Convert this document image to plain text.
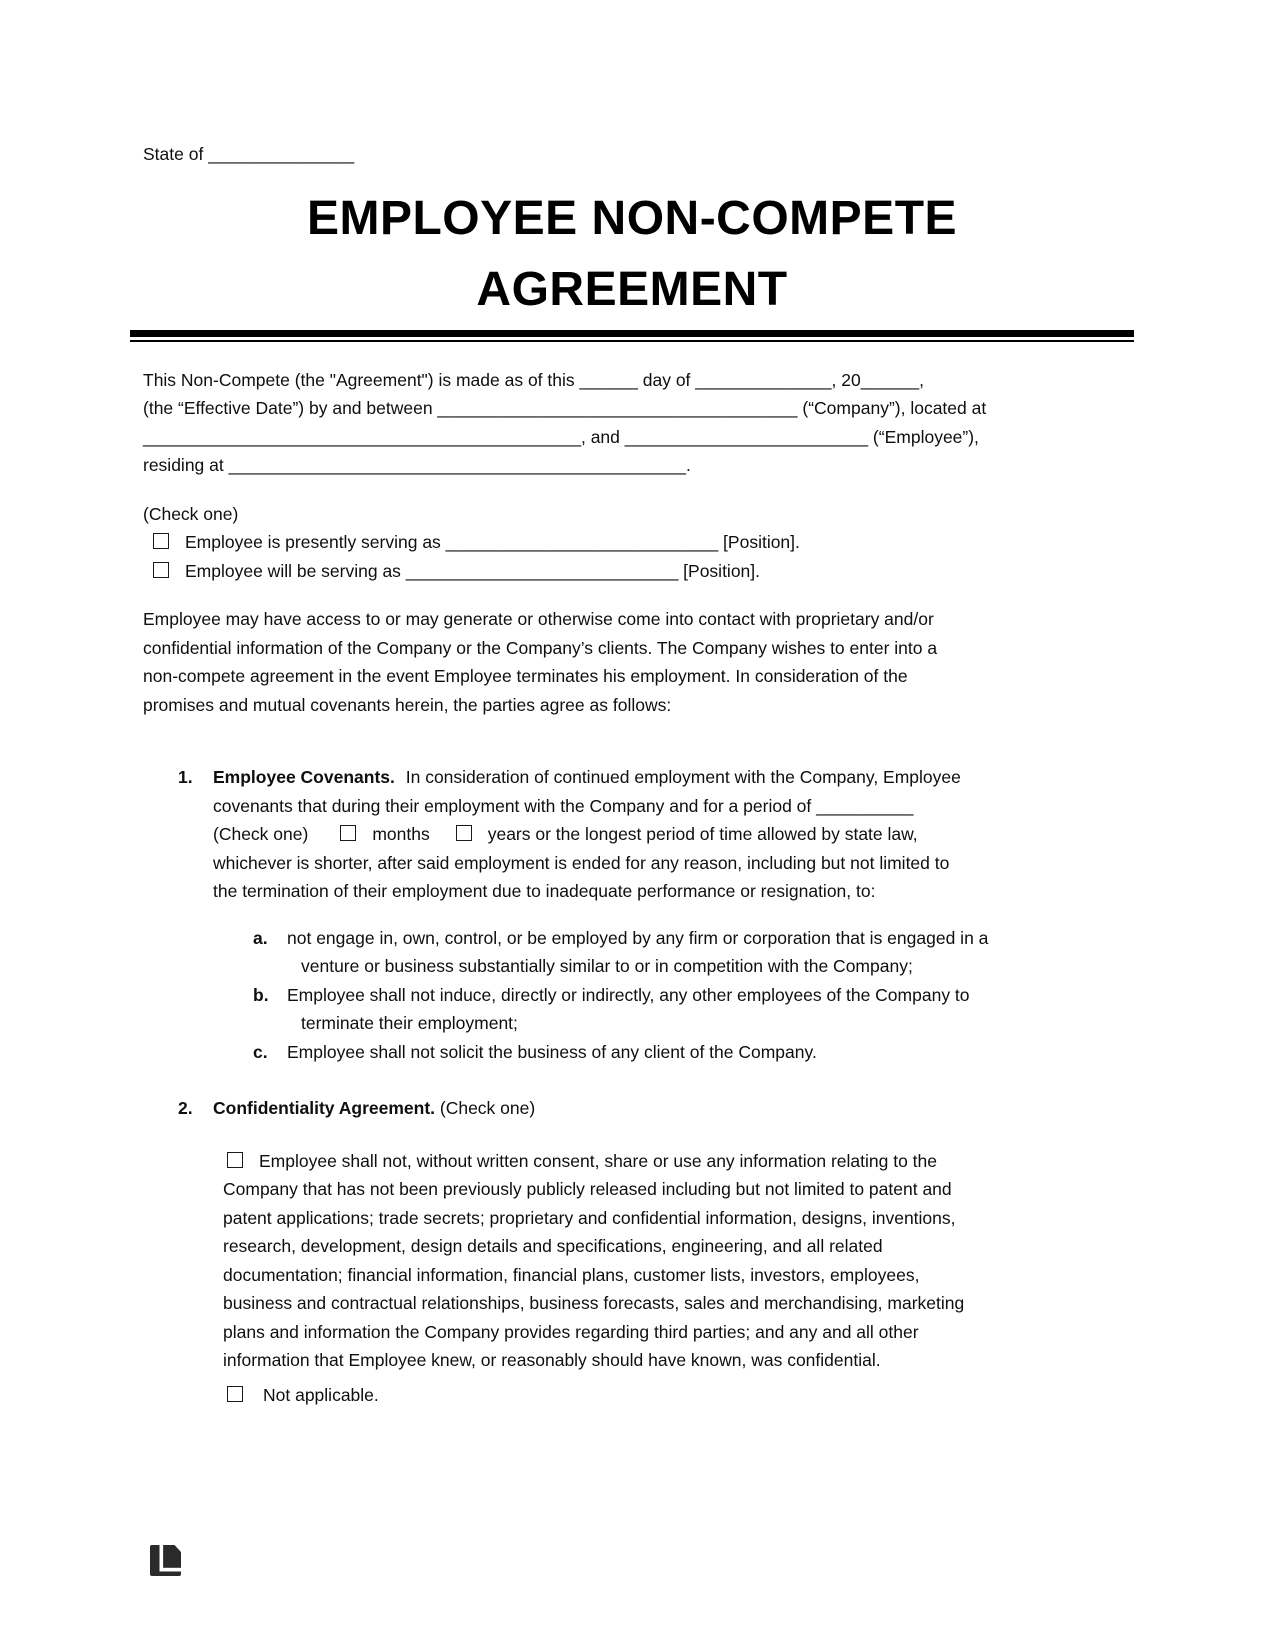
State of _______________
EMPLOYEE NON-COMPETE
AGREEMENT
This Non-Compete (the "Agreement") is made as of this ______ day of ______________, 20______,
(the “Effective Date”) by and between _____________________________________ (“Company”), located at
_____________________________________________, and _________________________ (“Employee”),
residing at _______________________________________________.
(Check one)
Employee is presently serving as ____________________________ [Position].
Employee will be serving as ____________________________ [Position].
Employee may have access to or may generate or otherwise come into contact with proprietary and/or
confidential information of the Company or the Company’s clients. The Company wishes to enter into a
non-compete agreement in the event Employee terminates his employment. In consideration of the
promises and mutual covenants herein, the parties agree as follows:
1. Employee Covenants. In consideration of continued employment with the Company, Employee
covenants that during their employment with the Company and for a period of __________
(Check one)	months	years or the longest period of time allowed by state law,
whichever is shorter, after said employment is ended for any reason, including but not limited to
the termination of their employment due to inadequate performance or resignation, to:
a. not engage in, own, control, or be employed by any firm or corporation that is engaged in a
venture or business substantially similar to or in competition with the Company;
b. Employee shall not induce, directly or indirectly, any other employees of the Company to
terminate their employment;
c. Employee shall not solicit the business of any client of the Company.
2. Confidentiality Agreement. (Check one)
Employee shall not, without written consent, share or use any information relating to the
Company that has not been previously publicly released including but not limited to patent and
patent applications; trade secrets; proprietary and confidential information, designs, inventions,
research, development, design details and specifications, engineering, and all related
documentation; financial information, financial plans, customer lists, investors, employees,
business and contractual relationships, business forecasts, sales and merchandising, marketing
plans and information the Company provides regarding third parties; and any and all other
information that Employee knew, or reasonably should have known, was confidential.
Not applicable.
